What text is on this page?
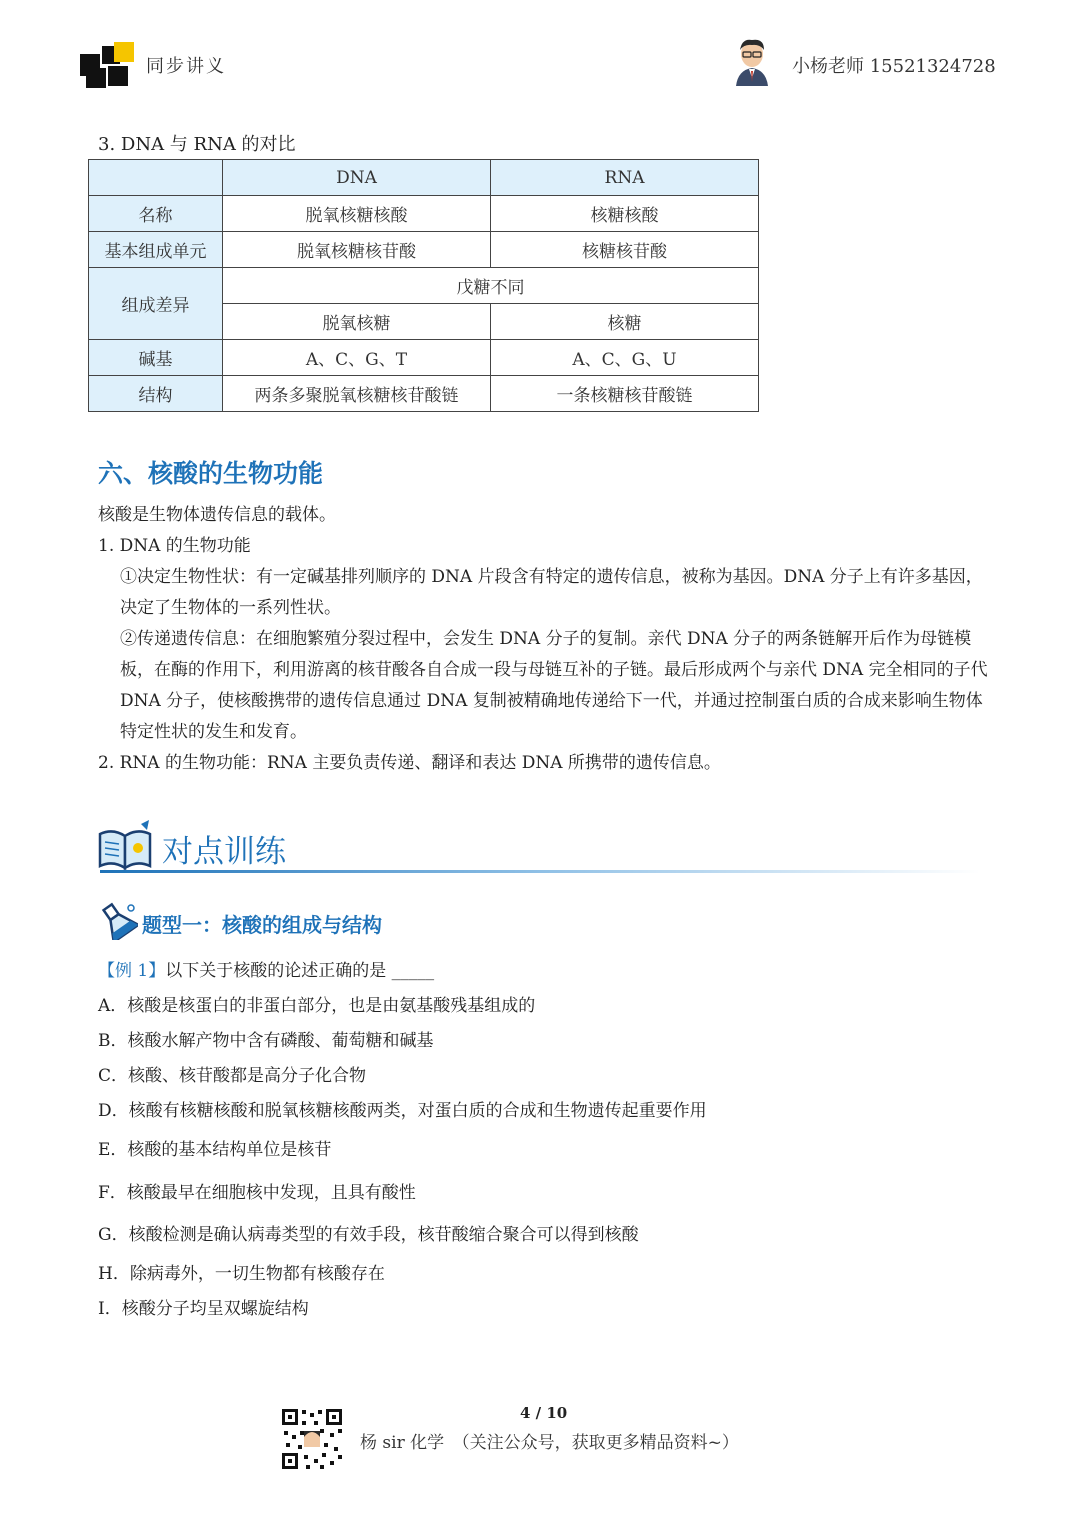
同步讲义	小杨老师 15521324728
3. DNA 与 RNA 的对比
	DNA	RNA
名称	脱氧核糖核酸	核糖核酸
基本组成单元	脱氧核糖核苷酸	核糖核苷酸
组成差异	戊糖不同	
	脱氧核糖	核糖
碱基	A、C、G、T	A、C、G、U
结构	两条多聚脱氧核糖核苷酸链	一条核糖核苷酸链
六、核酸的生物功能
核酸是生物体遗传信息的载体。
1. DNA 的生物功能
①决定生物性状：有一定碱基排列顺序的 DNA 片段含有特定的遗传信息，被称为基因。DNA 分子上有许多基因，决定了生物体的一系列性状。
②传递遗传信息：在细胞繁殖分裂过程中，会发生 DNA 分子的复制。亲代 DNA 分子的两条链解开后作为母链模板，在酶的作用下，利用游离的核苷酸各自合成一段与母链互补的子链。最后形成两个与亲代 DNA 完全相同的子代 DNA 分子，使核酸携带的遗传信息通过 DNA 复制被精确地传递给下一代，并通过控制蛋白质的合成来影响生物体特定性状的发生和发育。
2. RNA 的生物功能：RNA 主要负责传递、翻译和表达 DNA 所携带的遗传信息。
对点训练
题型一：核酸的组成与结构
【例 1】以下关于核酸的论述正确的是 _____
A．核酸是核蛋白的非蛋白部分，也是由氨基酸残基组成的
B．核酸水解产物中含有磷酸、葡萄糖和碱基
C．核酸、核苷酸都是高分子化合物
D．核酸有核糖核酸和脱氧核糖核酸两类，对蛋白质的合成和生物遗传起重要作用
E．核酸的基本结构单位是核苷
F．核酸最早在细胞核中发现，且具有酸性
G．核酸检测是确认病毒类型的有效手段，核苷酸缩合聚合可以得到核酸
H．除病毒外，一切生物都有核酸存在
I．核酸分子均呈双螺旋结构
4 / 10
杨 sir 化学　（关注公众号，获取更多精品资料~）
